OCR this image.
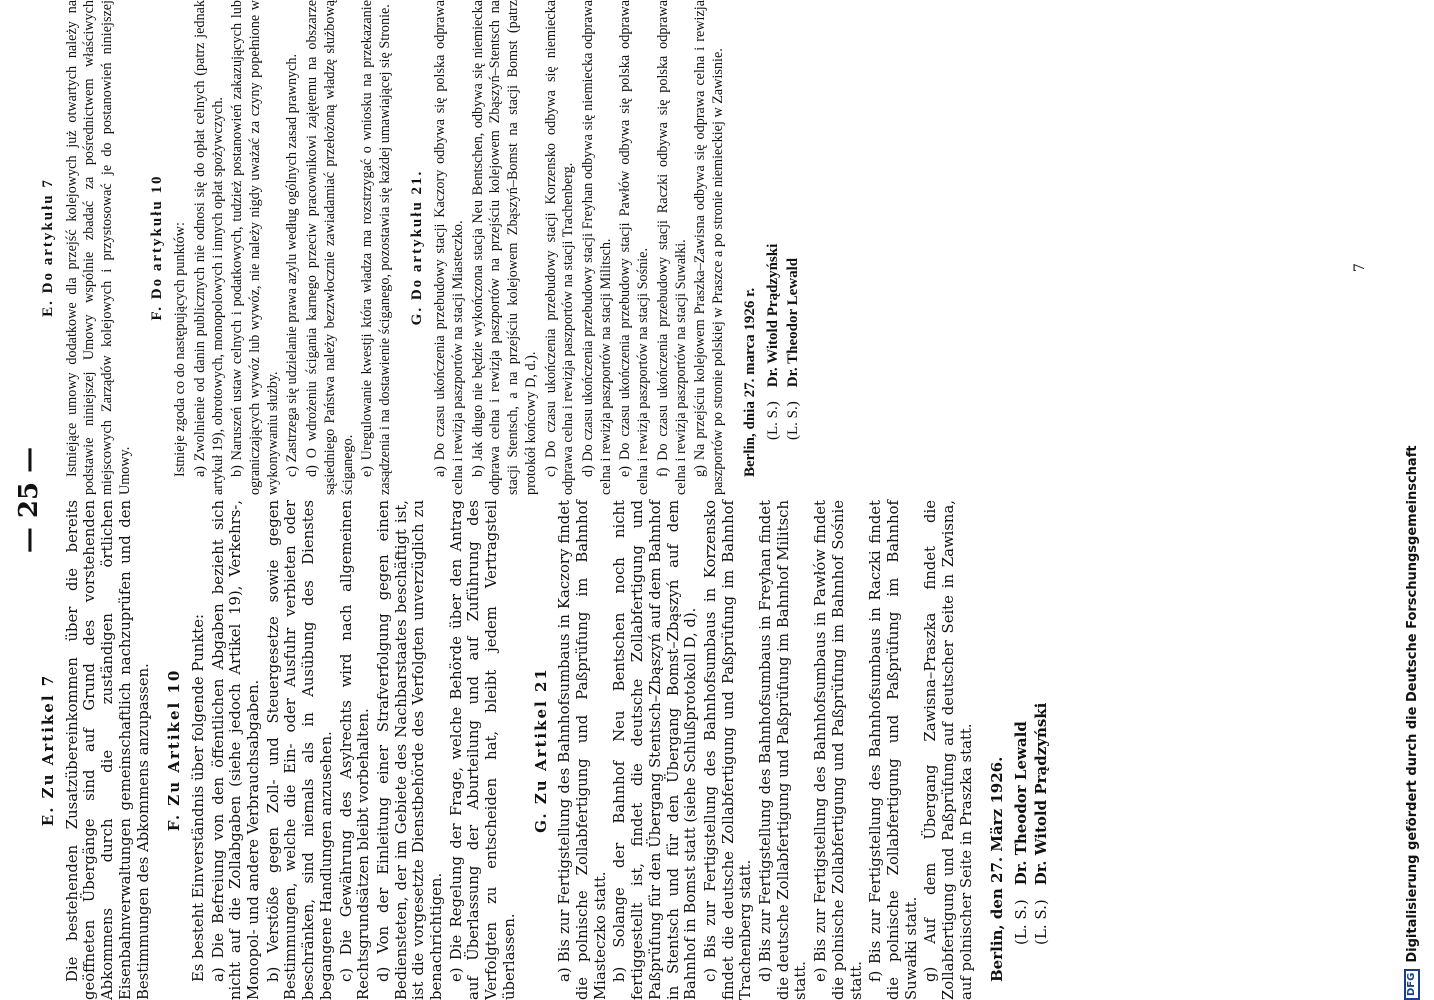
— 25 —
E. Zu Artikel 7 Die bestehenden Zusatzübereinkommen über die bereits geöffneten Übergänge sind auf Grund des vorstehenden Abkommens durch die zuständigen örtlichen Eisenbahnverwaltungen gemeinschaftlich nachzuprüfen und den Bestimmungen des Abkommens anzupassen. F. Zu Artikel 10 Es besteht Einverständnis über folgende Punkte: a) Die Befreiung von den öffentlichen Abgaben bezieht sich nicht auf die Zollabgaben (siehe jedoch Artikel 19), Verkehrs-, Monopol- und andere Verbrauchsabgaben. b) Verstöße gegen Zoll- und Steuergesetze sowie gegen Bestimmungen, welche die Ein- oder Ausfuhr verbieten oder beschränken, sind niemals als in Ausübung des Dienstes begangene Handlungen anzusehen. c) Die Gewährung des Asylrechts wird nach allgemeinen Rechtsgrundsätzen bleibt vorbehalten. d) Von der Einleitung einer Strafverfolgung gegen einen Bediensteten, der im Gebiete des Nachbarstaates beschäftigt ist, ist die vorgesetzte Dienstbehörde des Verfolgten unverzüglich zu benachrichtigen. e) Die Regelung der Frage, welche Behörde über den Antrag auf Überlassung der Aburteilung und auf Zuführung des Verfolgten zu entscheiden hat, bleibt jedem Vertragsteil überlassen.

G. Zu Artikel 21 a) Bis zur Fertigstellung des Bahnhofsumbaus in Kaczory findet die polnische Zollabfertigung und Paßprüfung im Bahnhof Miasteczko statt. b) Solange der Bahnhof Neu Bentschen noch nicht fertiggestellt ist, findet die deutsche Zollabfertigung und Paßprüfung für den Übergang Stentsch–Zbąszyń auf dem Bahnhof in Stentsch und für den Übergang Bomst–Zbąszyń auf dem Bahnhof in Bomst statt (siehe Schlußprotokoll D, d). c) Bis zur Fertigstellung des Bahnhofsumbaus in Korzensko findet die deutsche Zollabfertigung und Paßprüfung im Bahnhof Trachenberg statt. d) Bis zur Fertigstellung des Bahnhofsumbaus in Freyhan findet die deutsche Zollabfertigung und Paßprüfung im Bahnhof Militsch statt. e) Bis zur Fertigstellung des Bahnhofsumbaus in Pawłów findet die polnische Zollabfertigung und Paßprüfung im Bahnhof Sośnie statt. f) Bis zur Fertigstellung des Bahnhofsumbaus in Raczki findet die polnische Zollabfertigung und Paßprüfung im Bahnhof Suwałki statt. g) Auf dem Übergang Zawisna–Praszka findet die Zollabfertigung und Paßprüfung auf deutscher Seite in Zawisna, auf polnischer Seite in Praszka statt. Berlin, den 27. März 1926. (L. S.)
Dr. Theodor Lewald
(L. S.)
Dr. Witold Prądzyński
E. Do artykułu 7 Istniejące umowy dodatkowe dla przejść kolejowych już otwartych należy na podstawie niniejszej Umowy wspólnie zbadać za pośrednictwem właściwych miejscowych Zarządów kolejowych i przystosować je do postanowień niniejszej Umowy.

F. Do artykułu 10 Istnieje zgoda co do następujących punktów: a) Zwolnienie od danin publicznych nie odnosi się do opłat celnych (patrz jednak artykuł 19), obrotowych, monopolowych i innych opłat spożywczych. b) Naruszeń ustaw celnych i podatkowych, tudzież postanowień zakazujących lub ograniczających wywóz lub wywóz, nie należy nigdy uważać za czyny popełnione w wykonywaniu służby. c) Zastrzega się udzielanie prawa azylu według ogólnych zasad prawnych. d) O wdrożeniu ścigania karnego przeciw pracownikowi zajętemu na obszarze sąsiedniego Państwa należy bezzwłocznie zawiadamiać przełożoną władzę służbową ściganego. e) Uregulowanie kwestji która władza ma rozstrzygać o wniosku na przekazanie zasądzenia i na dostawienie ściganego, pozostawia się każdej umawiającej się Stronie. G. Do artykułu 21. a) Do czasu ukończenia przebudowy stacji Kaczory odbywa się polska odprawa celna i rewizja paszportów na stacji Miasteczko. b) Jak długo nie będzie wykończona stacja Neu Bentschen, odbywa się niemiecka odprawa celna i rewizja paszportów na przejściu kolejowem Zbąszyń–Stentsch na stacji Stentsch, a na przejściu kolejowem Zbąszyń–Bomst na stacji Bomst (patrz protokół końcowy D, d.). c) Do czasu ukończenia przebudowy stacji Korzensko odbywa się niemiecka odprawa celna i rewizja paszportów na stacji Trachenberg. d) Do czasu ukończenia przebudowy stacji Freyhan odbywa się niemiecka odprawa celna i rewizja paszportów na stacji Militsch. e) Do czasu ukończenia przebudowy stacji Pawłów odbywa się polska odprawa celna i rewizja paszportów na stacji Sośnie. f) Do czasu ukończenia przebudowy stacji Raczki odbywa się polska odprawa celna i rewizja paszportów na stacji Suwałki. g) Na przejściu kolejowem Praszka–Zawisna odbywa się odprawa celna i rewizja paszportów po stronie polskiej w Praszce a po stronie niemieckiej w Zawisnie. Berlin, dnia 27. marca 1926 r. (L. S.)
Dr. Witold Prądzyński
(L. S.)
Dr. Theodor Lewald	7
DFG
Digitalisierung gefördert durch die Deutsche Forschungsgemeinschaft
